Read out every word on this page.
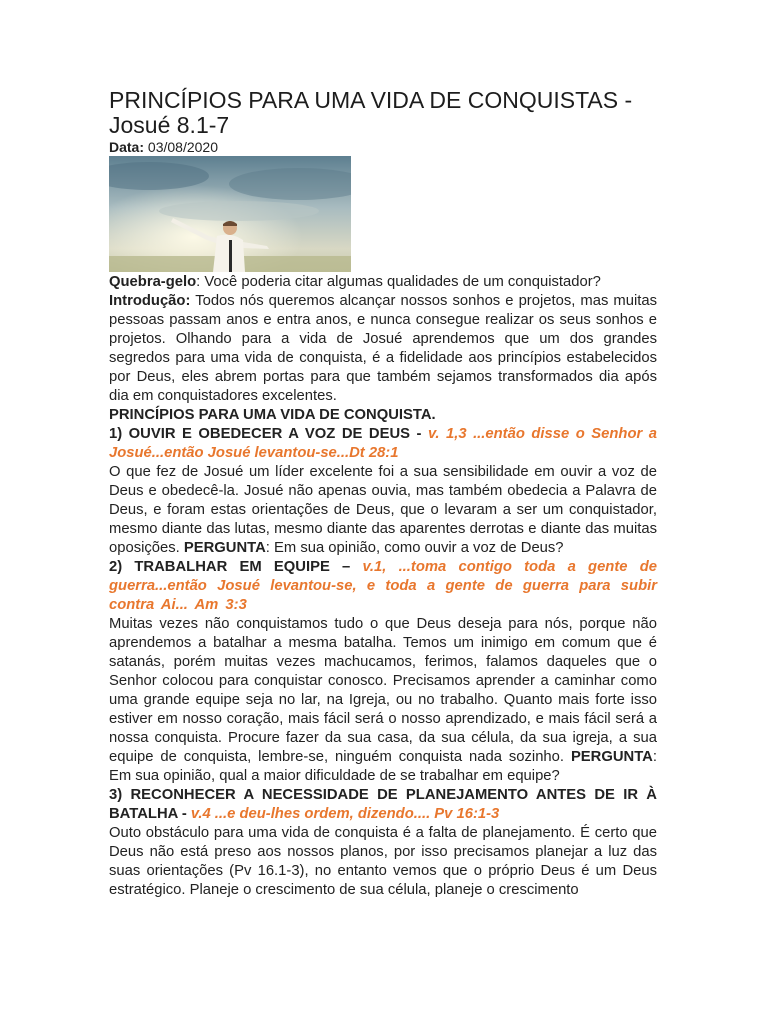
PRINCÍPIOS PARA UMA VIDA DE CONQUISTAS - Josué 8.1-7
Data: 03/08/2020

Quebra-gelo: Você poderia citar algumas qualidades de um conquistador?

Introdução: Todos nós queremos alcançar nossos sonhos e projetos, mas muitas pessoas passam anos e entra anos, e nunca consegue realizar os seus sonhos e projetos. Olhando para a vida de Josué aprendemos que um dos grandes segredos para uma vida de conquista, é a fidelidade aos princípios estabelecidos por Deus, eles abrem portas para que também sejamos transformados dia após dia em conquistadores excelentes.

PRINCÍPIOS PARA UMA VIDA DE CONQUISTA.

1) OUVIR E OBEDECER A VOZ DE DEUS - v. 1,3 ...então disse o Senhor a Josué...então Josué levantou-se...Dt 28:1

O que fez de Josué um líder excelente foi a sua sensibilidade em ouvir a voz de Deus e obedecê-la. Josué não apenas ouvia, mas também obedecia a Palavra de Deus, e foram estas orientações de Deus, que o levaram a ser um conquistador, mesmo diante das lutas, mesmo diante das aparentes derrotas e diante das muitas oposições. PERGUNTA: Em sua opinião, como ouvir a voz de Deus?

2) TRABALHAR EM EQUIPE – v.1, ...toma contigo toda a gente de guerra...então Josué levantou-se, e toda a gente de guerra para subir contra Ai... Am 3:3

Muitas vezes não conquistamos tudo o que Deus deseja para nós, porque não aprendemos a batalhar a mesma batalha. Temos um inimigo em comum que é satanás, porém muitas vezes machucamos, ferimos, falamos daqueles que o Senhor colocou para conquistar conosco. Precisamos aprender a caminhar como uma grande equipe seja no lar, na Igreja, ou no trabalho. Quanto mais forte isso estiver em nosso coração, mais fácil será o nosso aprendizado, e mais fácil será a nossa conquista. Procure fazer da sua casa, da sua célula, da sua igreja, a sua equipe de conquista, lembre-se, ninguém conquista nada sozinho. PERGUNTA: Em sua opinião, qual a maior dificuldade de se trabalhar em equipe?

3) RECONHECER A NECESSIDADE DE PLANEJAMENTO ANTES DE IR À BATALHA - v.4 ...e deu-lhes ordem, dizendo.... Pv 16:1-3

Outo obstáculo para uma vida de conquista é a falta de planejamento. É certo que Deus não está preso aos nossos planos, por isso precisamos planejar a luz das suas orientações (Pv 16.1-3), no entanto vemos que o próprio Deus é um Deus estratégico. Planeje o crescimento de sua célula, planeje o crescimento
